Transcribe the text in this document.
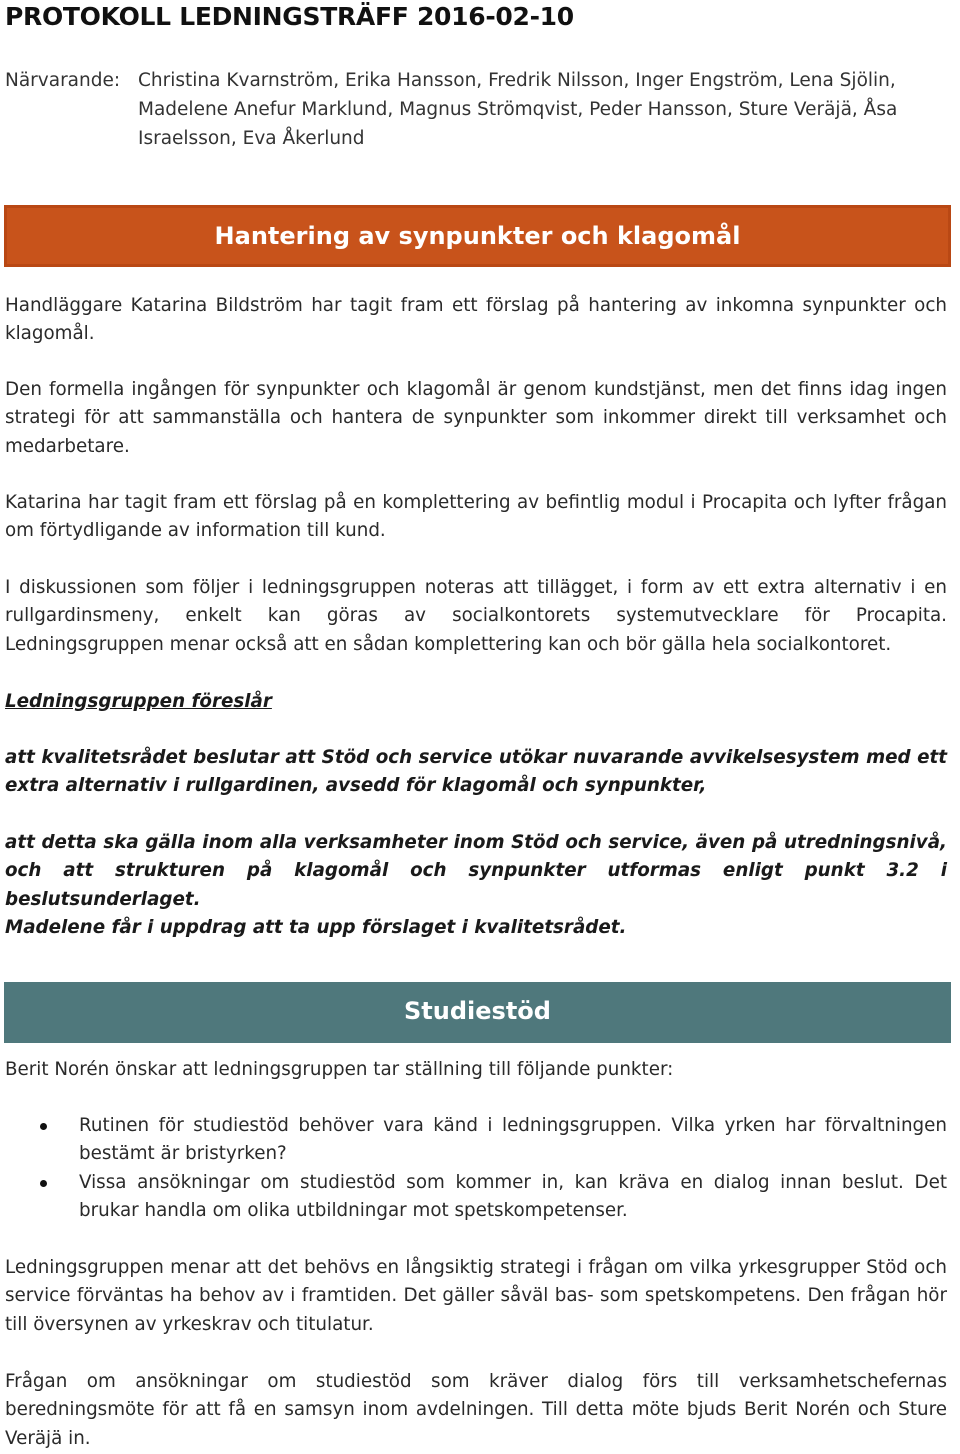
PROTOKOLL LEDNINGSTRÄFF 2016-02-10
Närvarande: Christina Kvarnström, Erika Hansson, Fredrik Nilsson, Inger Engström, Lena Sjölin, Madelene Anefur Marklund, Magnus Strömqvist, Peder Hansson, Sture Veräjä, Åsa Israelsson, Eva Åkerlund
Hantering av synpunkter och klagomål

Handläggare Katarina Bildström har tagit fram ett förslag på hantering av inkomna synpunkter och klagomål.

Den formella ingången för synpunkter och klagomål är genom kundstjänst, men det finns idag ingen strategi för att sammanställa och hantera de synpunkter som inkommer direkt till verksamhet och medarbetare.

Katarina har tagit fram ett förslag på en komplettering av befintlig modul i Procapita och lyfter frågan om förtydligande av information till kund.

I diskussionen som följer i ledningsgruppen noteras att tillägget, i form av ett extra alternativ i en rullgardinsmeny, enkelt kan göras av socialkontorets systemutvecklare för Procapita. Ledningsgruppen menar också att en sådan komplettering kan och bör gälla hela socialkontoret.

Ledningsgruppen föreslår

att kvalitetsrådet beslutar att Stöd och service utökar nuvarande avvikelsesystem med ett extra alternativ i rullgardinen, avsedd för klagomål och synpunkter,

att detta ska gälla inom alla verksamheter inom Stöd och service, även på utredningsnivå, och att strukturen på klagomål och synpunkter utformas enligt punkt 3.2 i beslutsunderlaget.

Madelene får i uppdrag att ta upp förslaget i kvalitetsrådet.

Studiestöd

Berit Norén önskar att ledningsgruppen tar ställning till följande punkter:

Rutinen för studiestöd behöver vara känd i ledningsgruppen. Vilka yrken har förvaltningen bestämt är bristyrken?
Vissa ansökningar om studiestöd som kommer in, kan kräva en dialog innan beslut. Det brukar handla om olika utbildningar mot spetskompetenser.

Ledningsgruppen menar att det behövs en långsiktig strategi i frågan om vilka yrkesgrupper Stöd och service förväntas ha behov av i framtiden. Det gäller såväl bas- som spetskompetens. Den frågan hör till översynen av yrkeskrav och titulatur.

Frågan om ansökningar om studiestöd som kräver dialog förs till verksamhetschefernas beredningsmöte för att få en samsyn inom avdelningen. Till detta möte bjuds Berit Norén och Sture Veräjä in.
